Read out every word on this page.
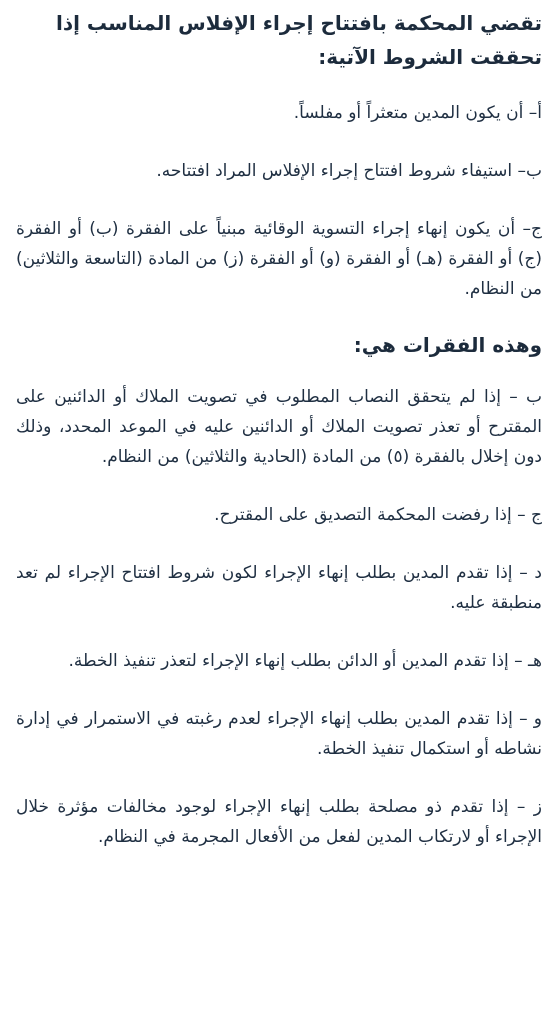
تقضي المحكمة بافتتاح إجراء الإفلاس المناسب إذا تحققت الشروط الآتية:

أ– أن يكون المدين متعثراً أو مفلساً.

ب– استيفاء شروط افتتاح إجراء الإفلاس المراد افتتاحه.

ج– أن يكون إنهاء إجراء التسوية الوقائية مبنياً على الفقرة (ب) أو الفقرة (ج) أو الفقرة (هـ) أو الفقرة (و) أو الفقرة (ز) من المادة (التاسعة والثلاثين) من النظام.

وهذه الفقرات هي:

ب – إذا لم يتحقق النصاب المطلوب في تصويت الملاك أو الدائنين على المقترح أو تعذر تصويت الملاك أو الدائنين عليه في الموعد المحدد، وذلك دون إخلال بالفقرة (٥) من المادة (الحادية والثلاثين) من النظام.

ج – إذا رفضت المحكمة التصديق على المقترح.

د – إذا تقدم المدين بطلب إنهاء الإجراء لكون شروط افتتاح الإجراء لم تعد منطبقة عليه.

هـ – إذا تقدم المدين أو الدائن بطلب إنهاء الإجراء لتعذر تنفيذ الخطة.

و – إذا تقدم المدين بطلب إنهاء الإجراء لعدم رغبته في الاستمرار في إدارة نشاطه أو استكمال تنفيذ الخطة.

ز – إذا تقدم ذو مصلحة بطلب إنهاء الإجراء لوجود مخالفات مؤثرة خلال الإجراء أو لارتكاب المدين لفعل من الأفعال المجرمة في النظام.
